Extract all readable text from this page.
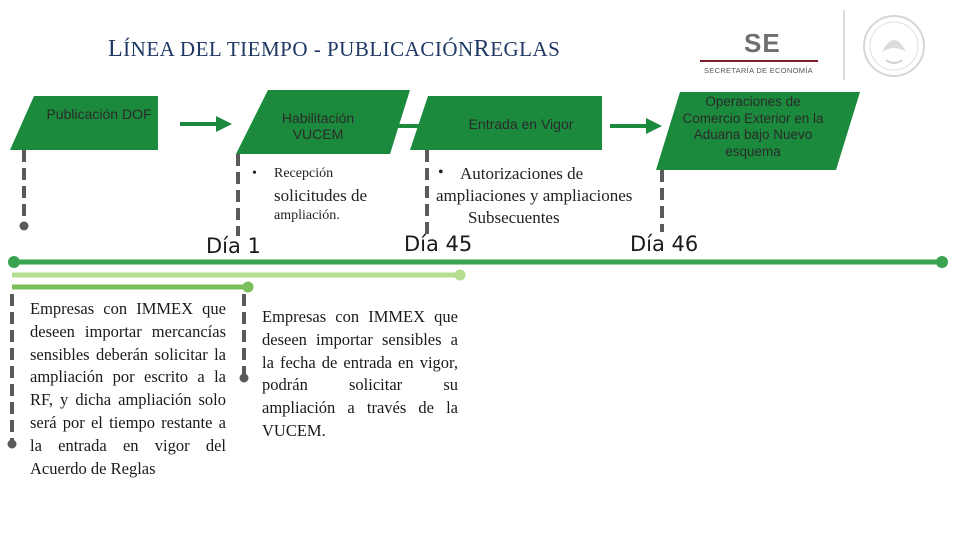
LÍNEA DEL TIEMPO - PUBLICACIÓNREGLAS	SE
SECRETARÍA DE ECONOMÍA
Publicación DOF	Habilitación VUCEM
Entrada en Vigor
Operaciones de Comercio Exterior en la Aduana bajo Nuevo esquema
• Recepción
solicitudes de
ampliación.
• Autorizaciones de
ampliaciones y ampliaciones
Subsecuentes
Día 1	Día 45	Día 46
Empresas con IMMEX que deseen importar mercancías sensibles deberán solicitar la ampliación por escrito a la RF, y dicha ampliación solo será por el tiempo restante a la entrada en vigor del Acuerdo de Reglas
Empresas con IMMEX que deseen importar sensibles a la fecha de entrada en vigor, podrán solicitar su ampliación a través de la VUCEM.
